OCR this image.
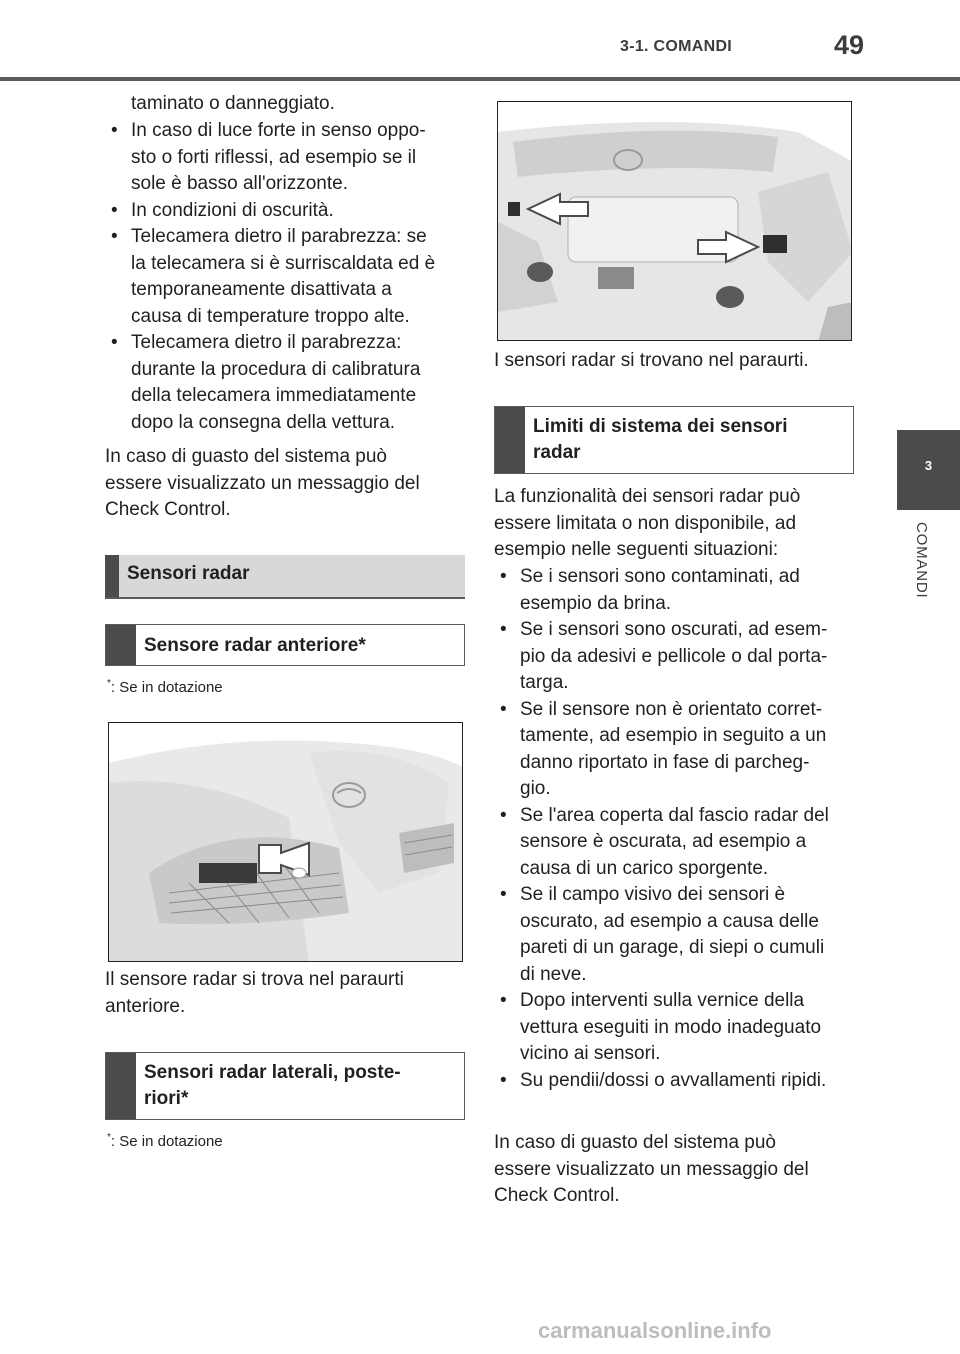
3-1. COMANDI	49
3
COMANDI
taminato o danneggiato.
• In caso di luce forte in senso oppo-
sto o forti riflessi, ad esempio se il
sole è basso all'orizzonte.
• In condizioni di oscurità.
• Telecamera dietro il parabrezza: se
la telecamera si è surriscaldata ed è
temporaneamente disattivata a
causa di temperature troppo alte.
• Telecamera dietro il parabrezza:
durante la procedura di calibratura
della telecamera immediatamente
dopo la consegna della vettura.
In caso di guasto del sistema può
essere visualizzato un messaggio del
Check Control.
Sensori radar
Sensore radar anteriore*
*: Se in dotazione
Il sensore radar si trova nel paraurti
anteriore.
Sensori radar laterali, poste-
riori*
*: Se in dotazione
I sensori radar si trovano nel paraurti.
Limiti di sistema dei sensori
radar
La funzionalità dei sensori radar può
essere limitata o non disponibile, ad
esempio nelle seguenti situazioni:
• Se i sensori sono contaminati, ad
esempio da brina.
• Se i sensori sono oscurati, ad esem-
pio da adesivi e pellicole o dal porta-
targa.
• Se il sensore non è orientato corret-
tamente, ad esempio in seguito a un
danno riportato in fase di parcheg-
gio.
• Se l'area coperta dal fascio radar del
sensore è oscurata, ad esempio a
causa di un carico sporgente.
• Se il campo visivo dei sensori è
oscurato, ad esempio a causa delle
pareti di un garage, di siepi o cumuli
di neve.
• Dopo interventi sulla vernice della
vettura eseguiti in modo inadeguato
vicino ai sensori.
• Su pendii/dossi o avvallamenti ripidi.
In caso di guasto del sistema può
essere visualizzato un messaggio del
Check Control.
carmanualsonline.info
